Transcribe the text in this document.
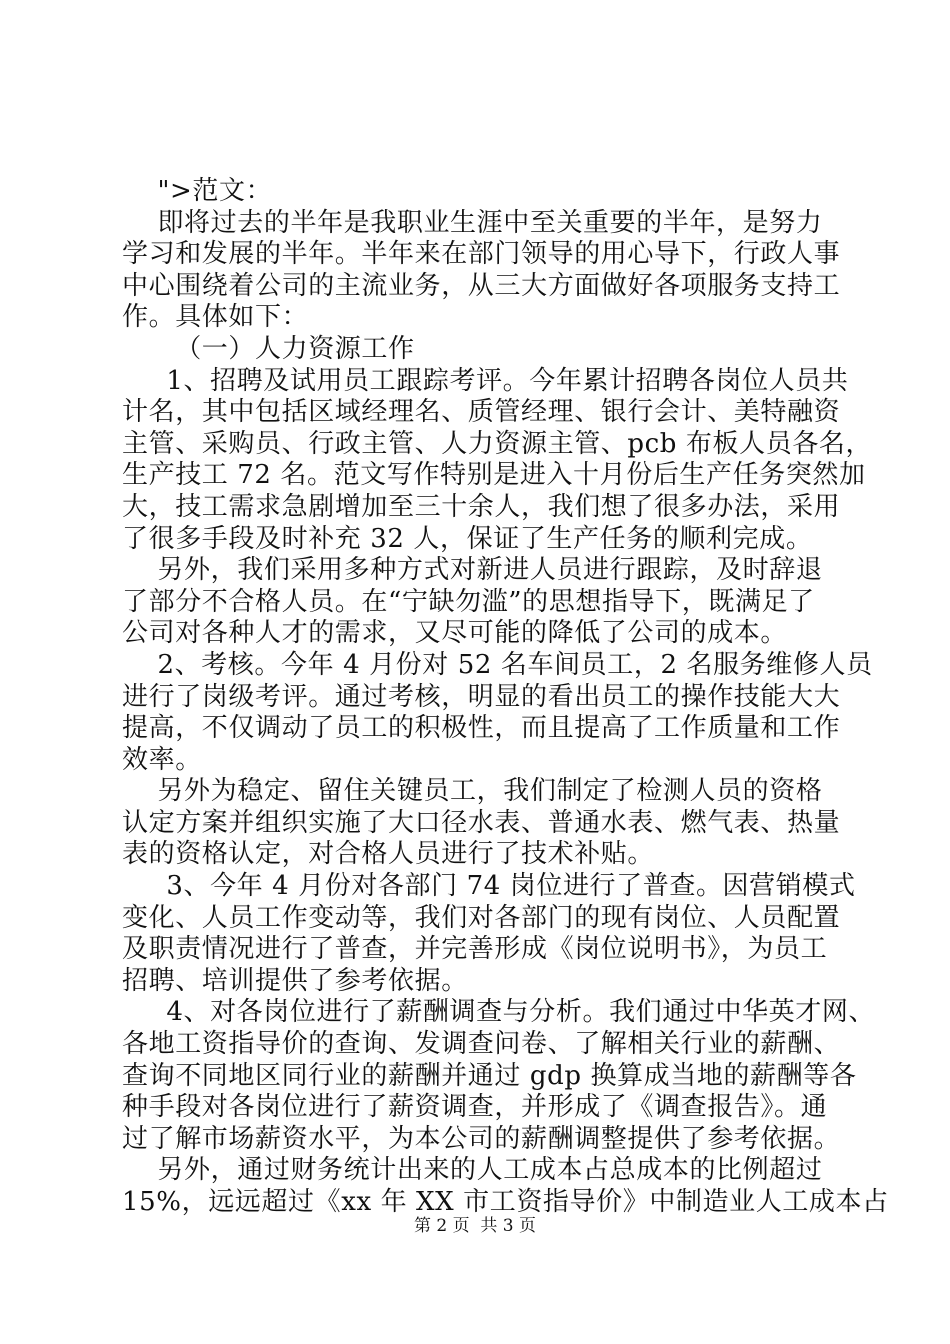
">范文：
即将过去的半年是我职业生涯中至关重要的半年，是努力
学习和发展的半年。半年来在部门领导的用心导下，行政人事
中心围绕着公司的主流业务，从三大方面做好各项服务支持工
作。具体如下：
（一）人力资源工作
1、招聘及试用员工跟踪考评。今年累计招聘各岗位人员共
计名，其中包括区域经理名、质管经理、银行会计、美特融资
主管、采购员、行政主管、人力资源主管、pcb 布板人员各名，
生产技工 72 名。范文写作特别是进入十月份后生产任务突然加
大，技工需求急剧增加至三十余人，我们想了很多办法，采用
了很多手段及时补充 32 人，保证了生产任务的顺利完成。
另外，我们采用多种方式对新进人员进行跟踪，及时辞退
了部分不合格人员。在“宁缺勿滥”的思想指导下，既满足了
公司对各种人才的需求，又尽可能的降低了公司的成本。
2、考核。今年 4 月份对 52 名车间员工，2 名服务维修人员
进行了岗级考评。通过考核，明显的看出员工的操作技能大大
提高，不仅调动了员工的积极性，而且提高了工作质量和工作
效率。
另外为稳定、留住关键员工，我们制定了检测人员的资格
认定方案并组织实施了大口径水表、普通水表、燃气表、热量
表的资格认定，对合格人员进行了技术补贴。
3、今年 4 月份对各部门 74 岗位进行了普查。因营销模式
变化、人员工作变动等，我们对各部门的现有岗位、人员配置
及职责情况进行了普查，并完善形成《岗位说明书》，为员工
招聘、培训提供了参考依据。
4、对各岗位进行了薪酬调查与分析。我们通过中华英才网、
各地工资指导价的查询、发调查问卷、了解相关行业的薪酬、
查询不同地区同行业的薪酬并通过 gdp 换算成当地的薪酬等各
种手段对各岗位进行了薪资调查，并形成了《调查报告》。通
过了解市场薪资水平，为本公司的薪酬调整提供了参考依据。
另外，通过财务统计出来的人工成本占总成本的比例超过
15%，远远超过《xx 年 XX 市工资指导价》中制造业人工成本占
第 2 页  共 3 页
